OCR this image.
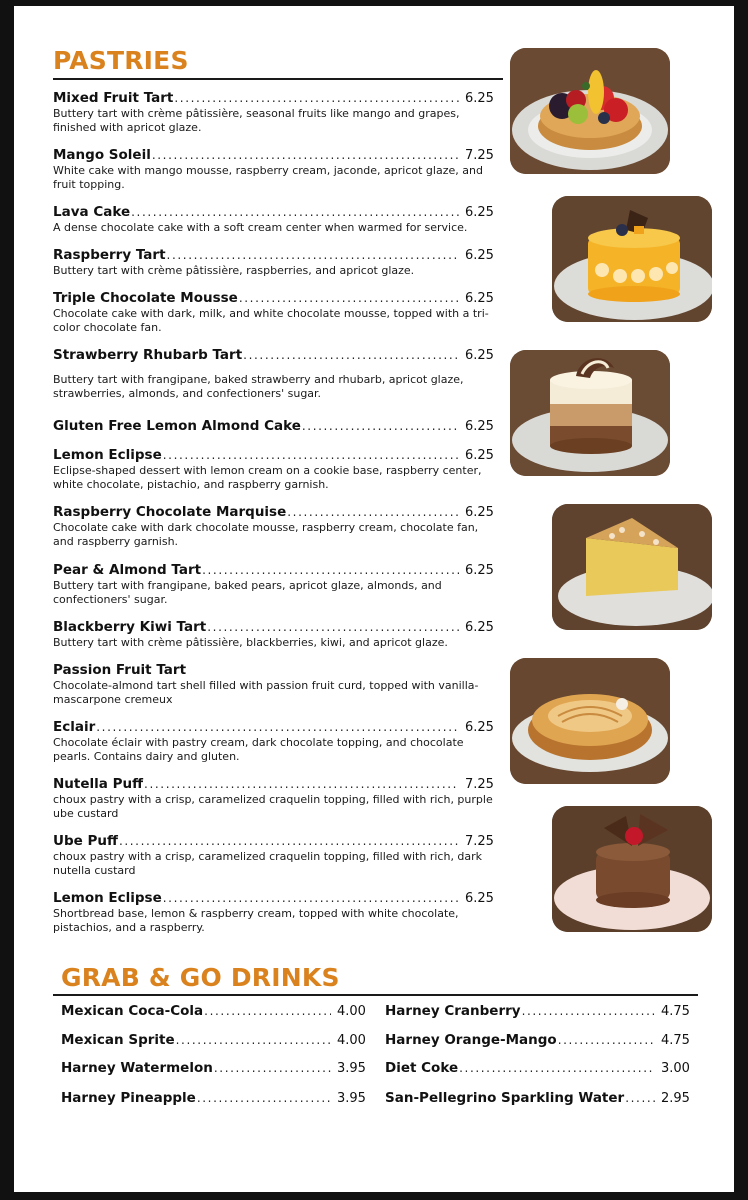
PASTRIES
Mixed Fruit Tart .....	6.25

Buttery tart with crème pâtissière, seasonal fruits like mango and grapes, finished with apricot glaze.

Mango Soleil .....	7.25

White cake with mango mousse, raspberry cream, jaconde, apricot glaze, and fruit topping.

Lava Cake .....	6.25

A dense chocolate cake with a soft cream center when warmed for service.

Raspberry Tart .....	6.25

Buttery tart with crème pâtissière, raspberries, and apricot glaze.

Triple Chocolate Mousse .....	6.25

Chocolate cake with dark, milk, and white chocolate mousse, topped with a tri-color chocolate fan.

Strawberry Rhubarb Tart .....	6.25

Buttery tart with frangipane, baked strawberry and rhubarb, apricot glaze, strawberries, almonds, and confectioners' sugar.

Gluten Free Lemon Almond Cake .....	6.25
Lemon Eclipse .....	6.25

Eclipse-shaped dessert with lemon cream on a cookie base, raspberry center, white chocolate, pistachio, and raspberry garnish.

Raspberry Chocolate Marquise .....	6.25

Chocolate cake with dark chocolate mousse, raspberry cream, chocolate fan, and raspberry garnish.

Pear & Almond Tart .....	6.25

Buttery tart with frangipane, baked pears, apricot glaze, almonds, and confectioners' sugar.

Blackberry Kiwi Tart .....	6.25

Buttery tart with crème pâtissière, blackberries, kiwi, and apricot glaze.

Passion Fruit Tart

Chocolate-almond tart shell filled with passion fruit curd, topped with vanilla-mascarpone cremeux

Eclair .....	6.25

Chocolate éclair with pastry cream, dark chocolate topping, and chocolate pearls. Contains dairy and gluten.

Nutella Puff .....	7.25

choux pastry with a crisp, caramelized craquelin topping, filled with rich, purple ube custard

Ube Puff .....	7.25

choux pastry with a crisp, caramelized craquelin topping, filled with rich, dark nutella custard

Lemon Eclipse .....	6.25

Shortbread base, lemon & raspberry cream, topped with white chocolate, pistachios, and a raspberry.

GRAB & GO DRINKS
Mexican Coca-Cola .....	4.00
Mexican Sprite .....	4.00
Harney Watermelon .....	3.95
Harney Pineapple .....	3.95
Harney Cranberry .....	4.75
Harney Orange-Mango .....	4.75
Diet Coke .....	3.00
San-Pellegrino Sparkling Water .....	2.95
